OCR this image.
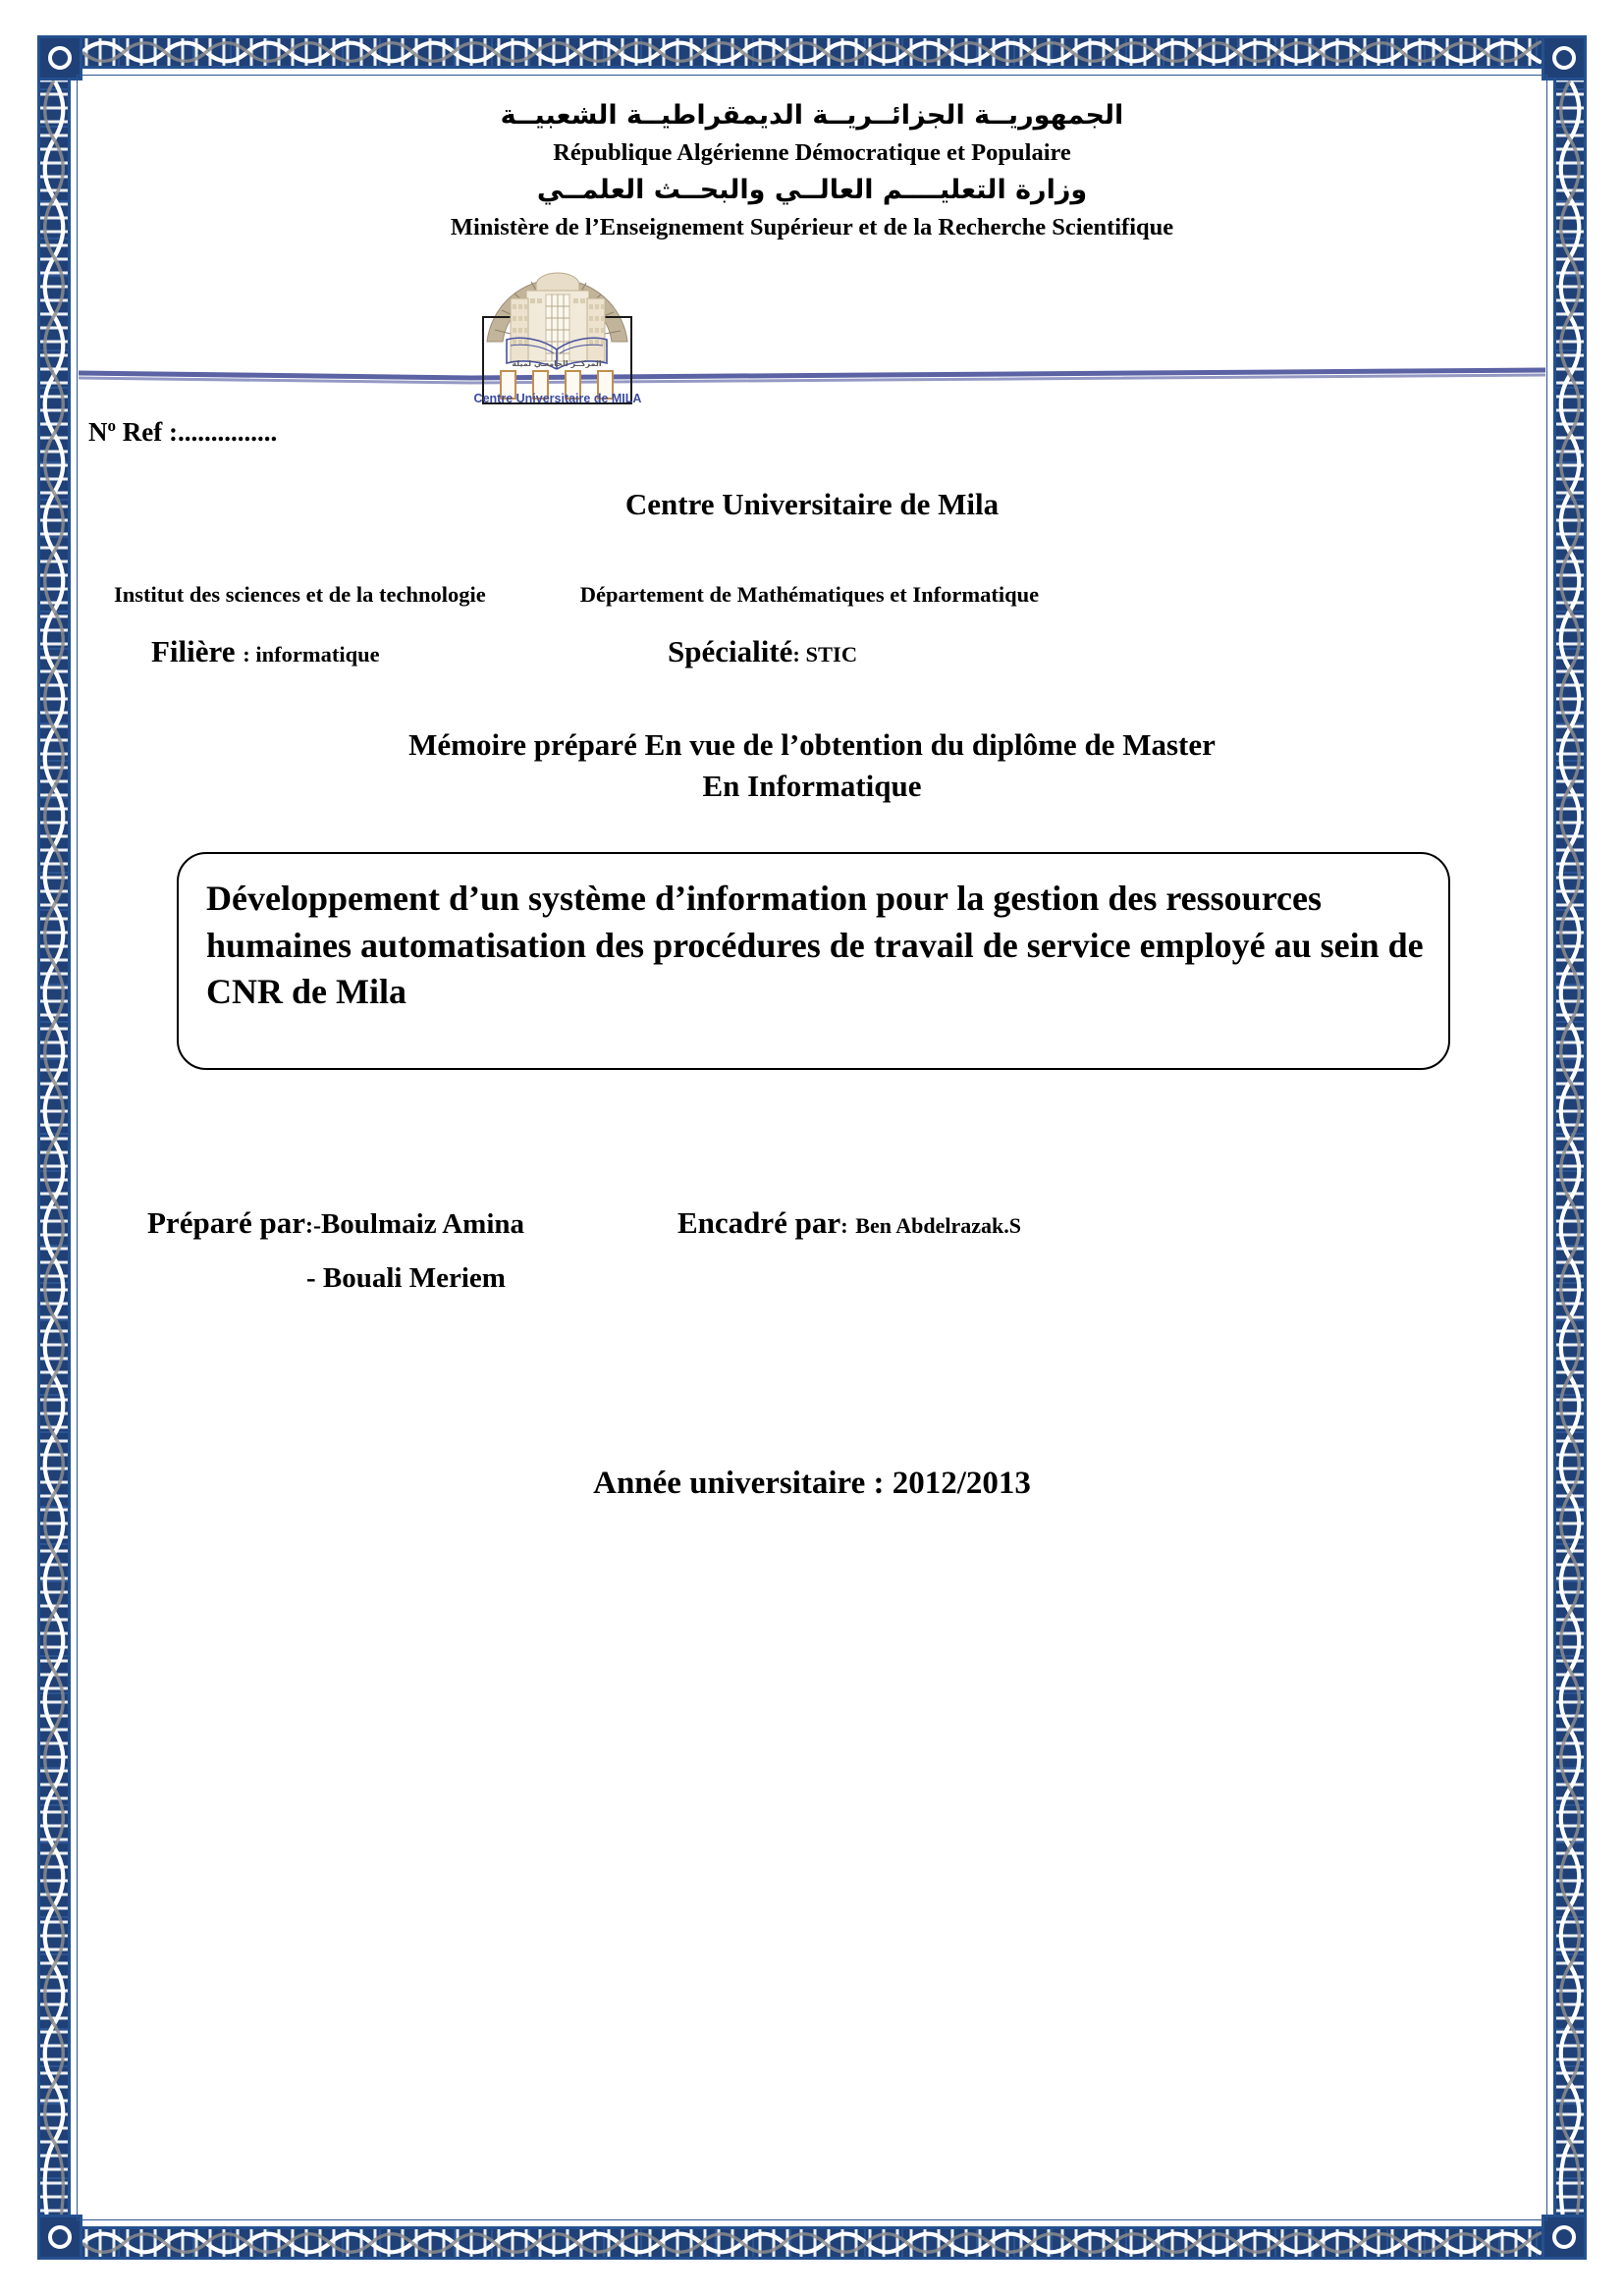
الجمهوريــة الجزائــريــة الديمقراطيــة الشعبيــة
République Algérienne Démocratique et Populaire
وزارة التعليــــم العالــي والبحــث العلمــي
Ministère de l’Enseignement Supérieur et de la Recherche Scientifique
المركــز الجامعـي لميلة
Centre Universitaire de MILA
$N^o$ Ref :...............
Centre Universitaire de Mila
Institut des sciences et de la technologie	Département de Mathématiques et Informatique
Filière : informatique	Spécialité: STIC
Mémoire préparé En vue de l’obtention du diplôme de Master
En Informatique
Développement d’un système d’information pour la gestion des ressources humaines automatisation des procédures de travail de service employé au sein de CNR de Mila
Préparé par:-Boulmaiz Amina	Encadré par: Ben Abdelrazak.S
- Bouali Meriem
Année universitaire : 2012/2013
